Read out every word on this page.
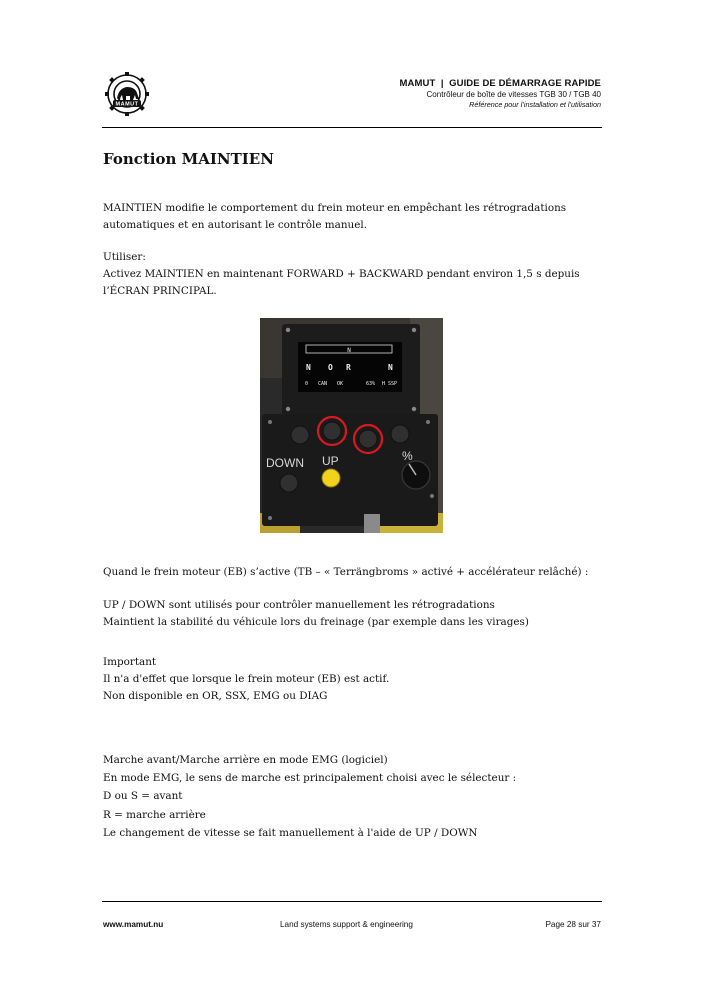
MAMUT
MAMUT  |  GUIDE DE DÉMARRAGE RAPIDE
Contrôleur de boîte de vitesses TGB 30 / TGB 40
Référence pour l’installation et l’utilisation
Fonction MAINTIEN
MAINTIEN modifie le comportement du frein moteur en empêchant les rétrogradations
automatiques et en autorisant le contrôle manuel.
Utiliser:
Activez MAINTIEN en maintenant FORWARD + BACKWARD pendant environ 1,5 s depuis
l’ÉCRAN PRINCIPAL.
N
N O R	N
0 CAN OK	63% H SSP
DOWN UP	%
Quand le frein moteur (EB) s’active (TB – « Terrängbroms » activé + accélérateur relâché) :
UP / DOWN sont utilisés pour contrôler manuellement les rétrogradations
Maintient la stabilité du véhicule lors du freinage (par exemple dans les virages)
Important
Il n'a d'effet que lorsque le frein moteur (EB) est actif.
Non disponible en OR, SSX, EMG ou DIAG
Marche avant/Marche arrière en mode EMG (logiciel)
En mode EMG, le sens de marche est principalement choisi avec le sélecteur :
D ou S = avant
R = marche arrière
Le changement de vitesse se fait manuellement à l'aide de UP / DOWN
www.mamut.nu	Land systems support & engineering	Page 28 sur 37
